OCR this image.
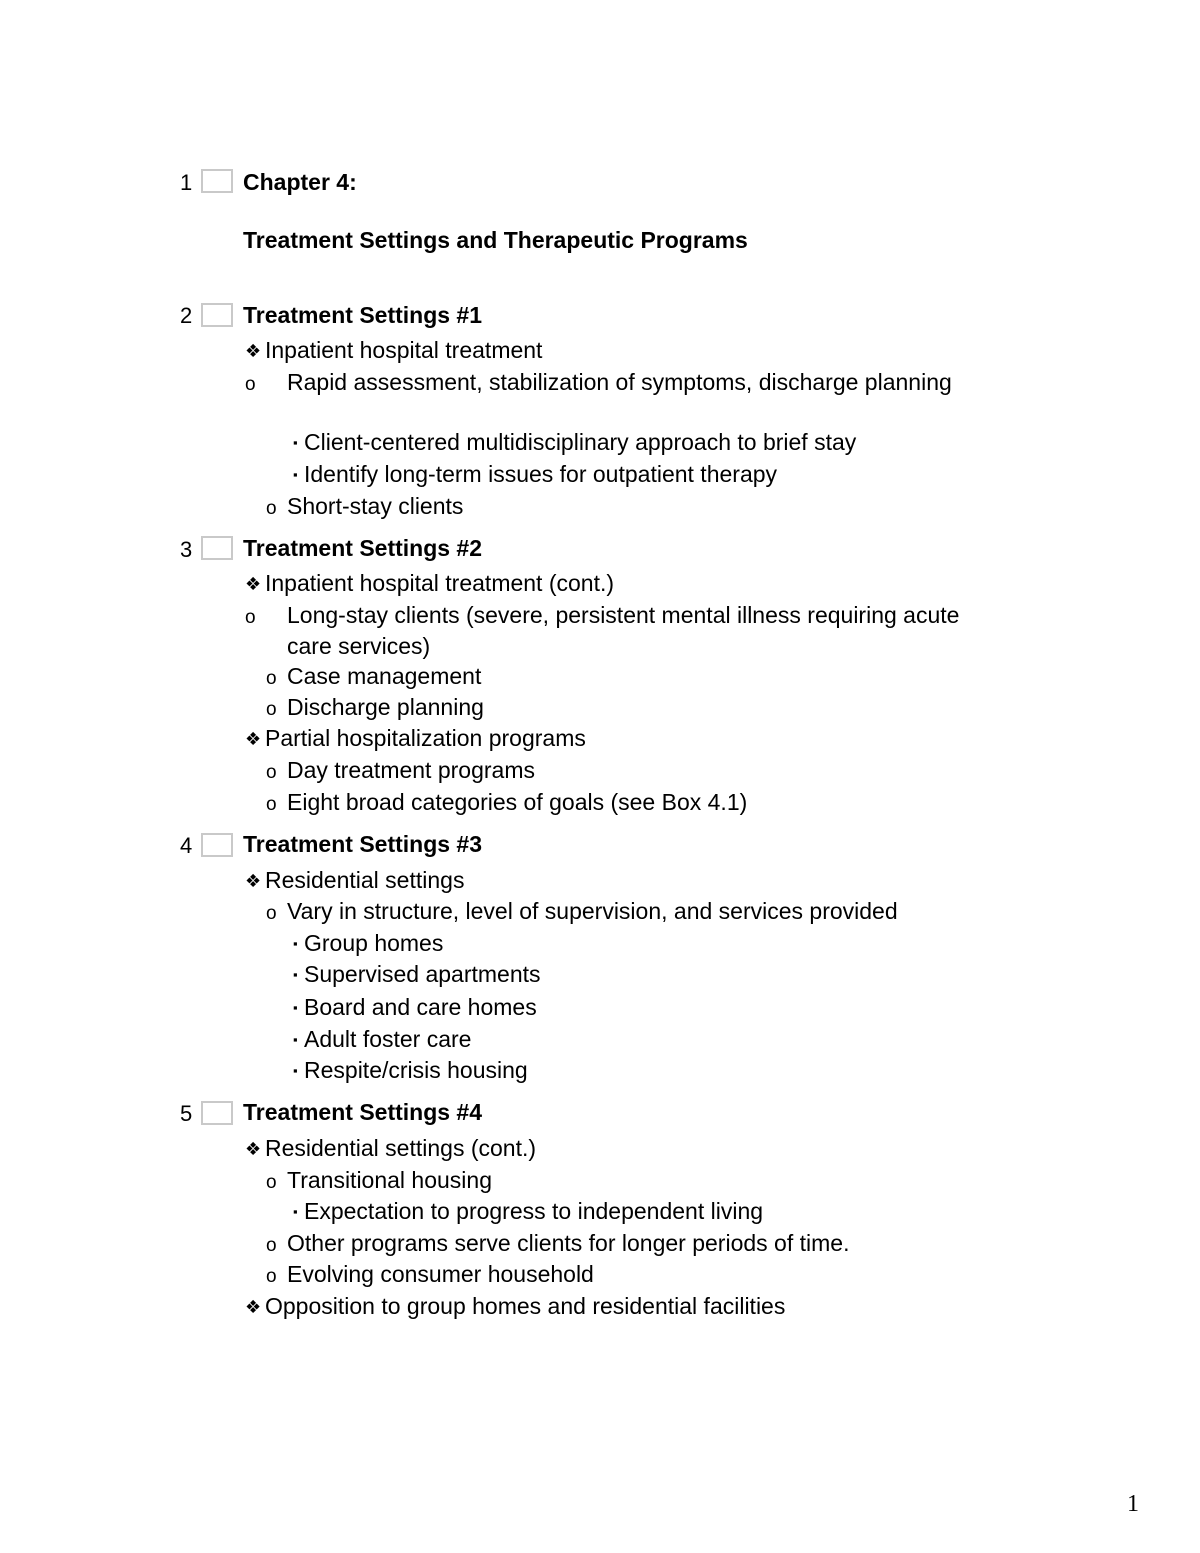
1	Chapter 4:
Treatment Settings and Therapeutic Programs
2	Treatment Settings #1
❖ Inpatient hospital treatment
o Rapid assessment, stabilization of symptoms, discharge planning
▪ Client-centered multidisciplinary approach to brief stay
▪ Identify long-term issues for outpatient therapy
o Short-stay clients
3	Treatment Settings #2
❖ Inpatient hospital treatment (cont.)
o Long-stay clients (severe, persistent mental illness requiring acute care services)
o Case management
o Discharge planning
❖ Partial hospitalization programs
o Day treatment programs
o Eight broad categories of goals (see Box 4.1)
4	Treatment Settings #3
❖ Residential settings
o Vary in structure, level of supervision, and services provided
▪ Group homes
▪ Supervised apartments
▪ Board and care homes
▪ Adult foster care
▪ Respite/crisis housing
5	Treatment Settings #4
❖ Residential settings (cont.)
o Transitional housing
▪ Expectation to progress to independent living
o Other programs serve clients for longer periods of time.
o Evolving consumer household
❖ Opposition to group homes and residential facilities
1
